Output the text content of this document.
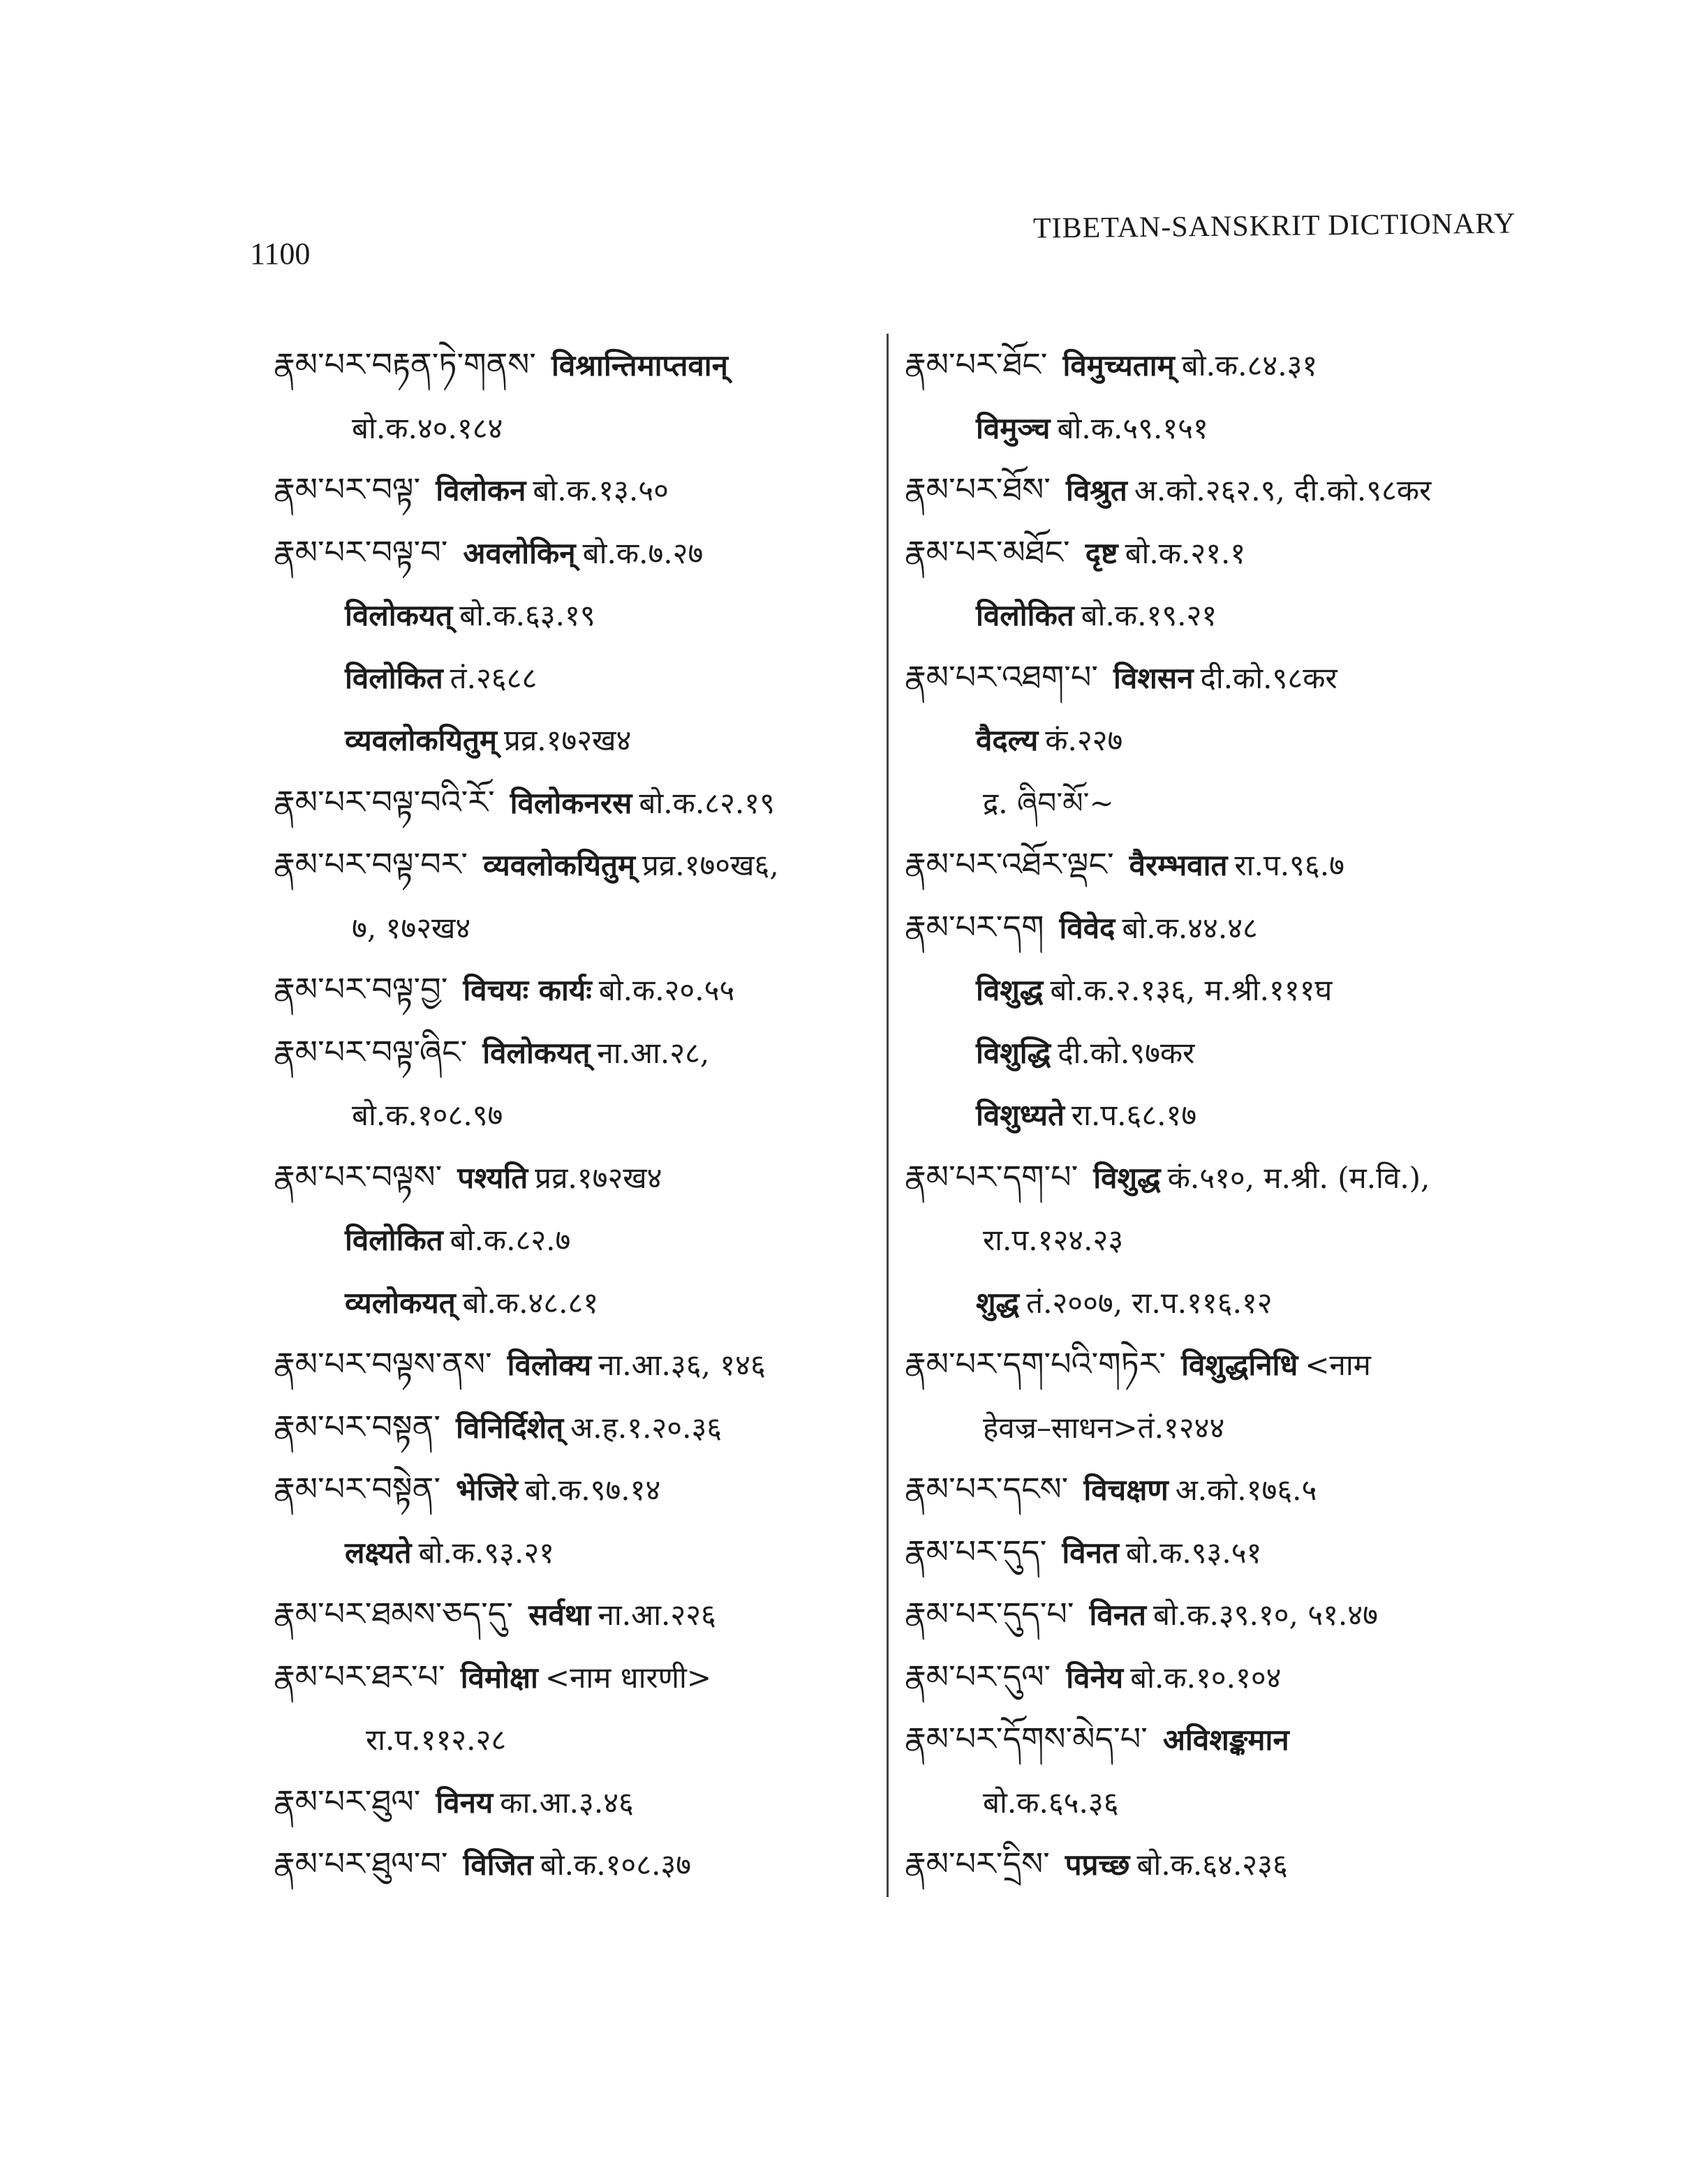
1100
TIBETAN-SANSKRIT DICTIONARY
རྣམ་པར་བརྟན་ཏེ་གནས་ विश्रान्तिमाप्तवान्
बो.क.४०.१८४
རྣམ་པར་བལྟ་ विलोकन बो.क.१३.५०
རྣམ་པར་བལྟ་བ་ अवलोकिन् बो.क.७.२७
विलोकयत् बो.क.६३.१९
विलोकित तं.२६८८
व्यवलोकयितुम् प्रव्र.१७२ख४
རྣམ་པར་བལྟ་བའི་རོ་ विलोकनरस बो.क.८२.१९
རྣམ་པར་བལྟ་བར་ व्यवलोकयितुम् प्रव्र.१७०ख६,
७, १७२ख४
རྣམ་པར་བལྟ་བྱ་ विचयः कार्यः बो.क.२०.५५
རྣམ་པར་བལྟ་ཞིང་ विलोकयत् ना.आ.२८,
बो.क.१०८.९७
རྣམ་པར་བལྟས་ पश्यति प्रव्र.१७२ख४
विलोकित बो.क.८२.७
व्यलोकयत् बो.क.४८.८१
རྣམ་པར་བལྟས་ནས་ विलोक्य ना.आ.३६, १४६
རྣམ་པར་བསྟན་ विनिर्दिशेत् अ.ह.१.२०.३६
རྣམ་པར་བསྟེན་ भेजिरे बो.क.९७.१४
लक्ष्यते बो.क.९३.२१
རྣམ་པར་ཐམས་ཅད་དུ་ सर्वथा ना.आ.२२६
རྣམ་པར་ཐར་པ་ विमोक्षा <नाम धारणी>
रा.प.११२.२८
རྣམ་པར་ཐུལ་ विनय का.आ.३.४६
རྣམ་པར་ཐུལ་བ་ विजित बो.क.१०८.३७
རྣམ་པར་ཐོང་ विमुच्यताम् बो.क.८४.३१
विमुञ्च बो.क.५९.१५१
རྣམ་པར་ཐོས་ विश्रुत अ.को.२६२.९, दी.को.९८कर
རྣམ་པར་མཐོང་ दृष्ट बो.क.२१.१
विलोकित बो.क.१९.२१
རྣམ་པར་འཐག་པ་ विशसन दी.को.९८कर
वैदल्य कं.२२७
द्र. ཞིབ་མོ་~
རྣམ་པར་འཐོར་ལྡང་ वैरम्भवात रा.प.९६.७
རྣམ་པར་དག विवेद बो.क.४४.४८
विशुद्ध बो.क.२.१३६, म.श्री.१११घ
विशुद्धि दी.को.९७कर
विशुध्यते रा.प.६८.१७
རྣམ་པར་དག་པ་ विशुद्ध कं.५१०, म.श्री. (म.वि.),
रा.प.१२४.२३
शुद्ध तं.२००७, रा.प.११६.१२
རྣམ་པར་དག་པའི་གཏེར་ विशुद्धनिधि <नाम
हेवज्र–साधन>तं.१२४४
རྣམ་པར་དངས་ विचक्षण अ.को.१७६.५
རྣམ་པར་དུད་ विनत बो.क.९३.५१
རྣམ་པར་དུད་པ་ विनत बो.क.३९.१०, ५१.४७
རྣམ་པར་དུལ་ विनेय बो.क.१०.१०४
རྣམ་པར་དོགས་མེད་པ་ अविशङ्कमान
बो.क.६५.३६
རྣམ་པར་དྲིས་ पप्रच्छ बो.क.६४.२३६
